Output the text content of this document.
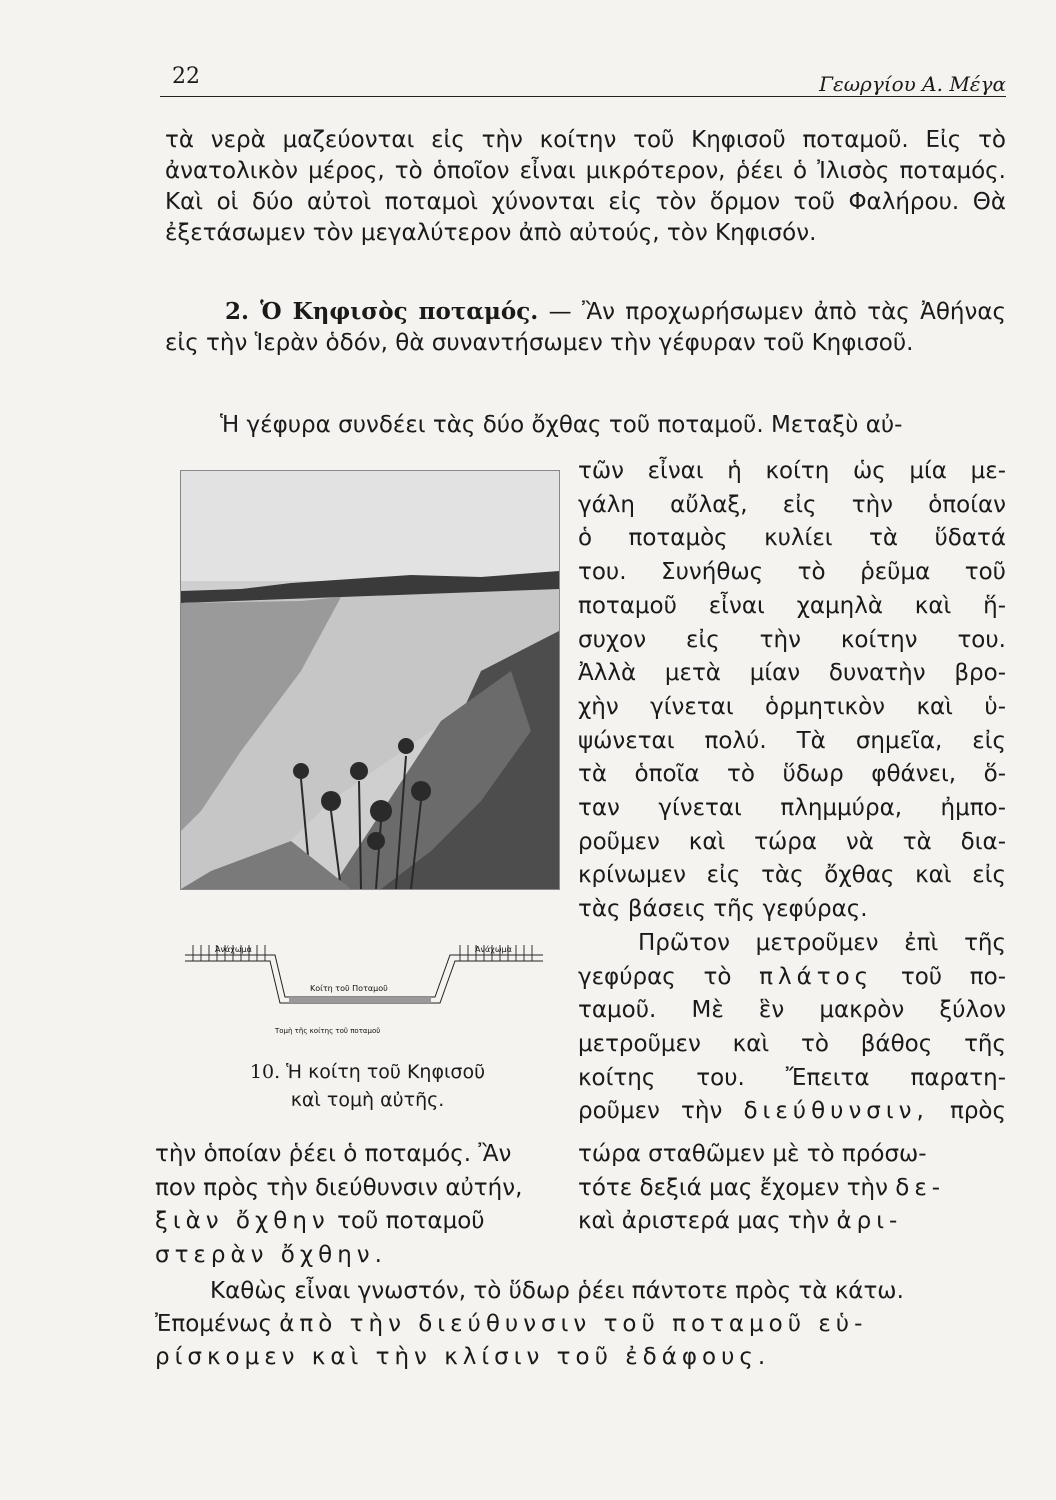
22	Γεωργίου Α. Μέγα
τὰ νερὰ μαζεύονται εἰς τὴν κοίτην τοῦ Κηφισοῦ ποταμοῦ. Εἰς τὸ ἀνατολικὸν μέρος, τὸ ὁποῖον εἶναι μικρότερον, ῥέει ὁ Ἰλισὸς ποταμός. Καὶ οἱ δύο αὐτοὶ ποταμοὶ χύνονται εἰς τὸν ὅρμον τοῦ Φαλήρου. Θὰ ἐξετάσωμεν τὸν μεγαλύτερον ἀπὸ αὐτούς, τὸν Κηφισόν.
2. Ὁ Κηφισὸς ποταμός. — Ἂν προχωρήσωμεν ἀπὸ τὰς Ἀθήνας εἰς τὴν Ἱερὰν ὁδόν, θὰ συναντήσωμεν τὴν γέφυραν τοῦ Κηφισοῦ.
Ἡ γέφυρα συνδέει τὰς δύο ὄχθας τοῦ ποταμοῦ. Μεταξὺ αὐ-
τῶν εἶναι ἡ κοίτη ὡς μία με-
γάλη αὔλαξ, εἰς τὴν ὁποίαν
ὁ ποταμὸς κυλίει τὰ ὕδατά
του. Συνήθως τὸ ῥεῦμα τοῦ
ποταμοῦ εἶναι χαμηλὰ καὶ ἥ-
συχον εἰς τὴν κοίτην του.
Ἀλλὰ μετὰ μίαν δυνατὴν βρο-
χὴν γίνεται ὁρμητικὸν καὶ ὑ-
ψώνεται πολύ. Τὰ σημεῖα, εἰς
τὰ ὁποῖα τὸ ὕδωρ φθάνει, ὅ-
ταν γίνεται πλημμύρα, ἠμπο-
ροῦμεν καὶ τώρα νὰ τὰ δια-
κρίνωμεν εἰς τὰς ὄχθας καὶ εἰς
τὰς βάσεις τῆς γεφύρας.
Πρῶτον μετροῦμεν ἐπὶ τῆς
γεφύρας τὸ πλάτος τοῦ πο-
ταμοῦ. Μὲ ἓν μακρὸν ξύλον
μετροῦμεν καὶ τὸ βάθος τῆς
κοίτης του. Ἔπειτα παρατη-
ροῦμεν τὴν διεύθυνσιν, πρὸς
Ἀνάχωμα	Ἀνάχωμα
Κοίτη τοῦ Ποταμοῦ
Τομὴ τῆς κοίτης τοῦ ποταμοῦ
10. Ἡ κοίτη τοῦ Κηφισοῦ
καὶ τομὴ αὐτῆς.
τὴν ὁποίαν ῥέει ὁ ποταμός. Ἂν
πον πρὸς τὴν διεύθυνσιν αὐτήν,
ξιὰν ὄχθην τοῦ ποταμοῦ
στερὰν ὄχθην.
τώρα σταθῶμεν μὲ τὸ πρόσω-
τότε δεξιά μας ἔχομεν τὴν δε-
καὶ ἀριστερά μας τὴν ἀρι-
Καθὼς εἶναι γνωστόν, τὸ ὕδωρ ῥέει πάντοτε πρὸς τὰ κάτω.
Ἐπομένως ἀπὸ τὴν διεύθυνσιν τοῦ ποταμοῦ εὑ-
ρίσκομεν καὶ τὴν κλίσιν τοῦ ἐδάφους.
